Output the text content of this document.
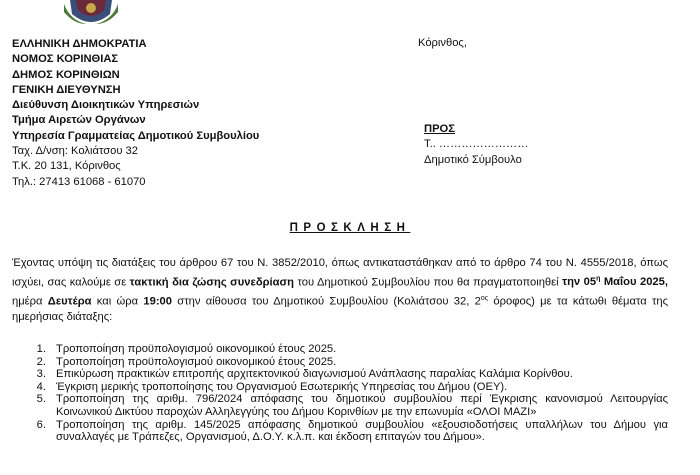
ΕΛΛΗΝΙΚΗ ΔΗΜΟΚΡΑΤΙΑ
ΝΟΜΟΣ ΚΟΡΙΝΘΙΑΣ
ΔΗΜΟΣ ΚΟΡΙΝΘΙΩΝ
ΓΕΝΙΚΗ ΔΙΕΥΘΥΝΣΗ
Διεύθυνση Διοικητικών Υπηρεσιών
Τμήμα Αιρετών Οργάνων
Υπηρεσία Γραμματείας Δημοτικού Συμβουλίου
Ταχ. Δ/νση: Κολιάτσου 32
Τ.Κ. 20 131, Κόρινθος
Τηλ.: 27413 61068 - 61070
Κόρινθος,
ΠΡΟΣ
Τ.. ……………………
Δημοτικό Σύμβουλο
ΠΡΟΣΚΛΗΣΗ
Έχοντας υπόψη τις διατάξεις του άρθρου 67 του Ν. 3852/2010, όπως αντικαταστάθηκαν από το άρθρο 74 του Ν. 4555/2018, όπως ισχύει, σας καλούμε σε τακτική δια ζώσης συνεδρίαση του Δημοτικού Συμβουλίου που θα πραγματοποιηθεί την $05^\eta$ Μαΐου 2025, ημέρα Δευτέρα και ώρα 19:00 στην αίθουσα του Δημοτικού Συμβουλίου (Κολιάτσου 32, $2^{o\varsigma}$ όροφος) με τα κάτωθι θέματα της ημερήσιας διάταξης:
1. Τροποποίηση προϋπολογισμού οικονομικού έτους 2025.
2. Τροποποίηση προϋπολογισμού οικονομικού έτους 2025.
3. Επικύρωση πρακτικών επιτροπής αρχιτεκτονικού διαγωνισμού Ανάπλασης παραλίας Καλάμια Κορίνθου.
4. Έγκριση μερικής τροποποίησης του Οργανισμού Εσωτερικής Υπηρεσίας του Δήμου (ΟΕΥ).
5. Τροποποίηση της αριθμ. 796/2024 απόφασης του δημοτικού συμβουλίου περί Έγκρισης κανονισμού Λειτουργίας Κοινωνικού Δικτύου παροχών Αλληλεγγύης του Δήμου Κορινθίων με την επωνυμία «ΟΛΟΙ ΜΑΖΙ»
6. Τροποποίηση της αριθμ. 145/2025 απόφασης δημοτικού συμβουλίου «εξουσιοδοτήσεις υπαλλήλων του Δήμου για συναλλαγές με Τράπεζες, Οργανισμού, Δ.Ο.Υ. κ.λ.π. και έκδοση επιταγών του Δήμου».
